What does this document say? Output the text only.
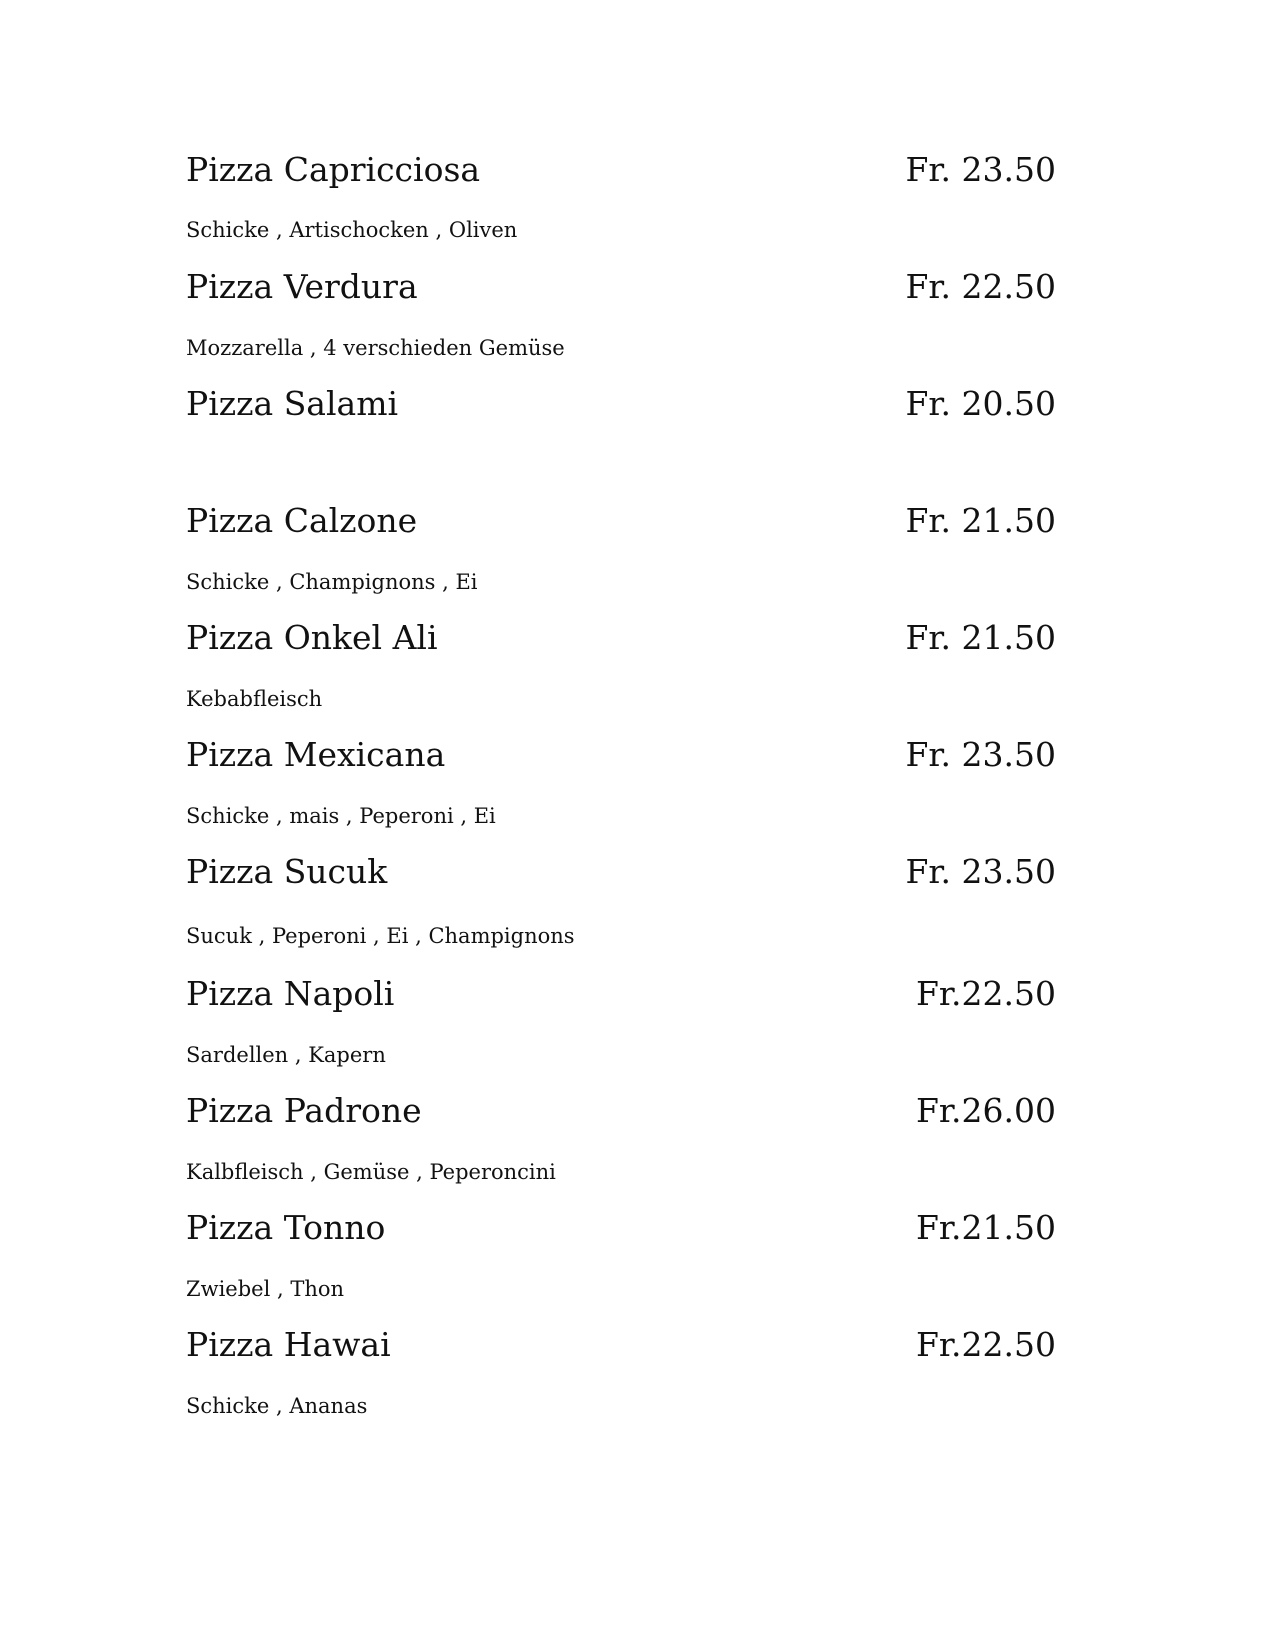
Pizza Capricciosa	Fr. 23.50
Schicke , Artischocken , Oliven
Pizza Verdura	Fr. 22.50
Mozzarella , 4 verschieden Gemüse
Pizza Salami	Fr. 20.50
Pizza Calzone	Fr. 21.50
Schicke , Champignons , Ei
Pizza Onkel Ali	Fr. 21.50
Kebabfleisch
Pizza Mexicana	Fr. 23.50
Schicke , mais , Peperoni , Ei
Pizza Sucuk	Fr. 23.50
Sucuk , Peperoni , Ei , Champignons
Pizza Napoli	Fr.22.50
Sardellen , Kapern
Pizza Padrone	Fr.26.00
Kalbfleisch , Gemüse , Peperoncini
Pizza Tonno	Fr.21.50
Zwiebel , Thon
Pizza Hawai	Fr.22.50
Schicke , Ananas
